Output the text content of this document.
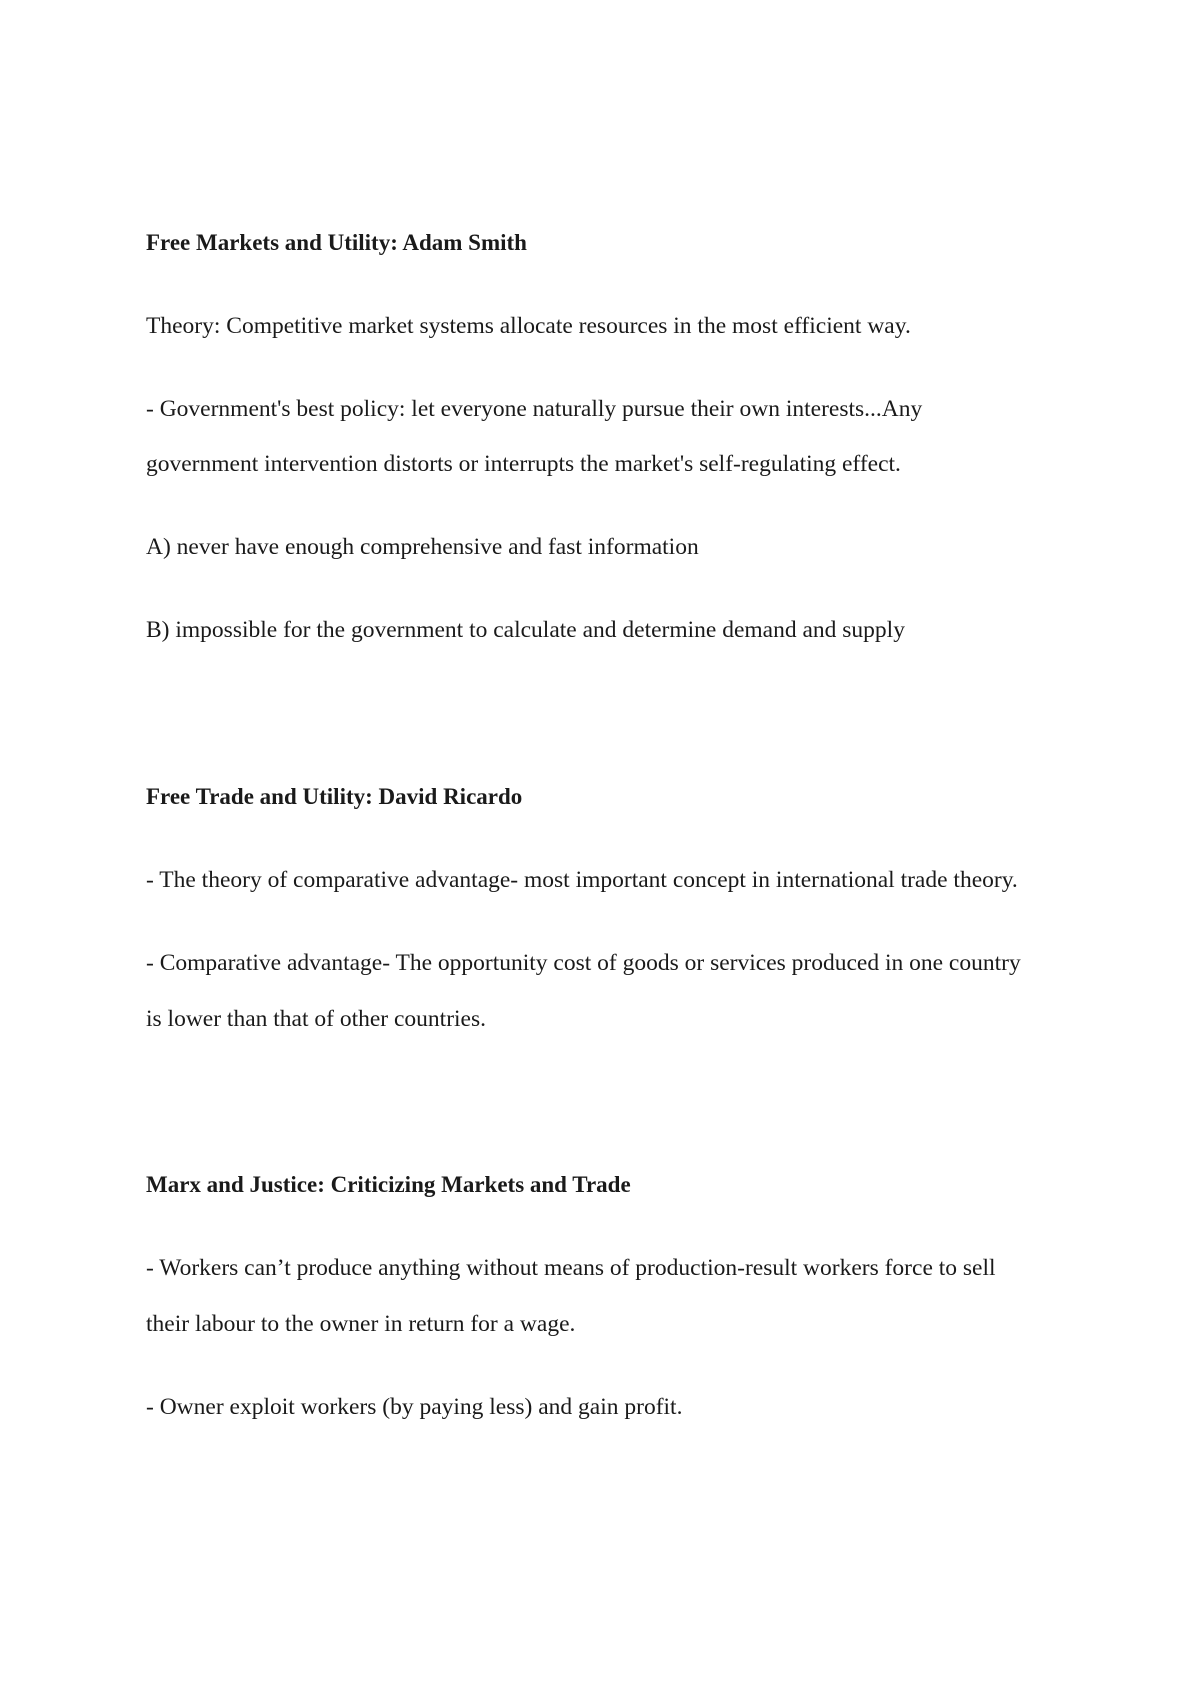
Free Markets and Utility: Adam Smith

Theory: Competitive market systems allocate resources in the most efficient way.

- Government's best policy: let everyone naturally pursue their own interests...Any

government intervention distorts or interrupts the market's self-regulating effect.

A) never have enough comprehensive and fast information

B) impossible for the government to calculate and determine demand and supply

Free Trade and Utility: David Ricardo

- The theory of comparative advantage- most important concept in international trade theory.

- Comparative advantage- The opportunity cost of goods or services produced in one country

is lower than that of other countries.

Marx and Justice: Criticizing Markets and Trade

- Workers can’t produce anything without means of production-result workers force to sell

their labour to the owner in return for a wage.

- Owner exploit workers (by paying less) and gain profit.
